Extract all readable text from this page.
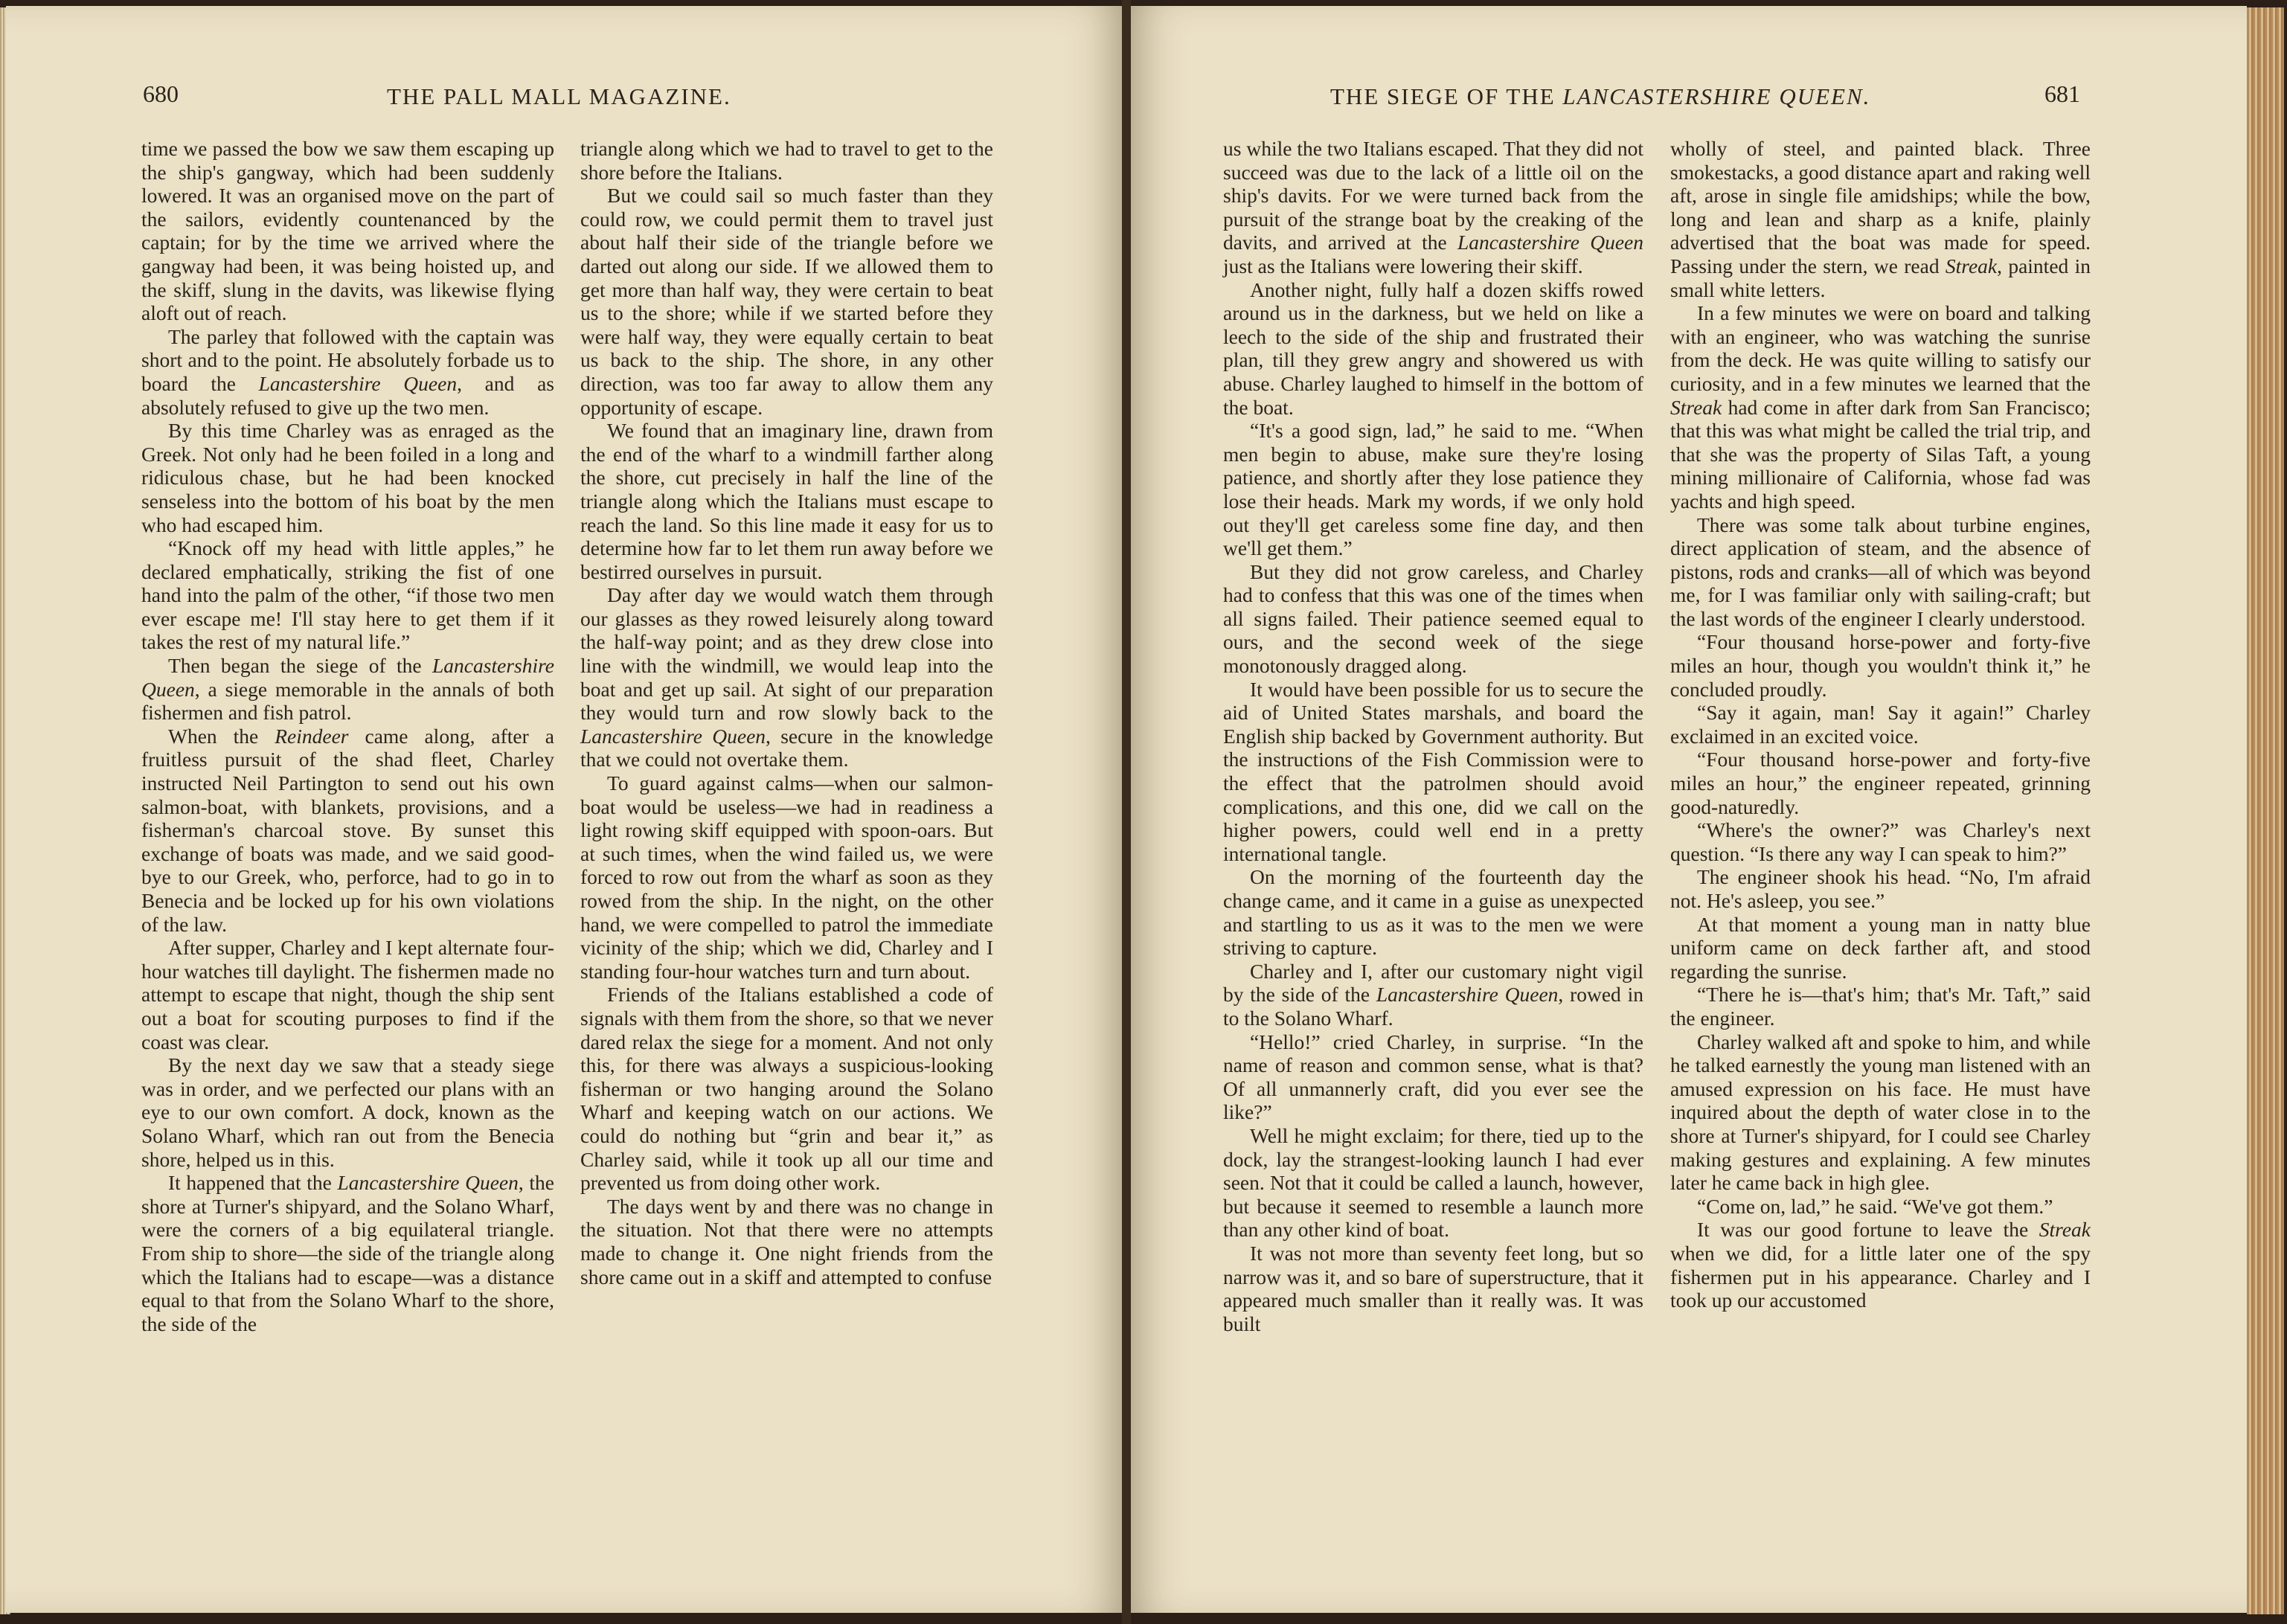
680	THE PALL MALL MAGAZINE.

time we passed the bow we saw them escaping up the ship's gangway, which had been suddenly lowered. It was an organised move on the part of the sailors, evidently countenanced by the captain; for by the time we arrived where the gangway had been, it was being hoisted up, and the skiff, slung in the davits, was likewise flying aloft out of reach.

The parley that followed with the captain was short and to the point. He absolutely forbade us to board the Lancastershire Queen, and as absolutely refused to give up the two men.

By this time Charley was as enraged as the Greek. Not only had he been foiled in a long and ridiculous chase, but he had been knocked senseless into the bottom of his boat by the men who had escaped him.

“Knock off my head with little apples,” he declared emphatically, striking the fist of one hand into the palm of the other, “if those two men ever escape me! I'll stay here to get them if it takes the rest of my natural life.”

Then began the siege of the Lancastershire Queen, a siege memorable in the annals of both fishermen and fish patrol.

When the Reindeer came along, after a fruitless pursuit of the shad fleet, Charley instructed Neil Partington to send out his own salmon-boat, with blankets, provisions, and a fisherman's charcoal stove. By sunset this exchange of boats was made, and we said good-bye to our Greek, who, perforce, had to go in to Benecia and be locked up for his own violations of the law.

After supper, Charley and I kept alternate four-hour watches till daylight. The fishermen made no attempt to escape that night, though the ship sent out a boat for scouting purposes to find if the coast was clear.

By the next day we saw that a steady siege was in order, and we perfected our plans with an eye to our own comfort. A dock, known as the Solano Wharf, which ran out from the Benecia shore, helped us in this.

It happened that the Lancastershire Queen, the shore at Turner's shipyard, and the Solano Wharf, were the corners of a big equilateral triangle. From ship to shore—the side of the triangle along which the Italians had to escape—was a distance equal to that from the Solano Wharf to the shore, the side of the

triangle along which we had to travel to get to the shore before the Italians.

But we could sail so much faster than they could row, we could permit them to travel just about half their side of the triangle before we darted out along our side. If we allowed them to get more than half way, they were certain to beat us to the shore; while if we started before they were half way, they were equally certain to beat us back to the ship. The shore, in any other direction, was too far away to allow them any opportunity of escape.

We found that an imaginary line, drawn from the end of the wharf to a windmill farther along the shore, cut precisely in half the line of the triangle along which the Italians must escape to reach the land. So this line made it easy for us to determine how far to let them run away before we bestirred ourselves in pursuit.

Day after day we would watch them through our glasses as they rowed leisurely along toward the half-way point; and as they drew close into line with the windmill, we would leap into the boat and get up sail. At sight of our preparation they would turn and row slowly back to the Lancastershire Queen, secure in the knowledge that we could not overtake them.

To guard against calms—when our salmon-boat would be useless—we had in readiness a light rowing skiff equipped with spoon-oars. But at such times, when the wind failed us, we were forced to row out from the wharf as soon as they rowed from the ship. In the night, on the other hand, we were compelled to patrol the immediate vicinity of the ship; which we did, Charley and I standing four-hour watches turn and turn about.

Friends of the Italians established a code of signals with them from the shore, so that we never dared relax the siege for a moment. And not only this, for there was always a suspicious-looking fisherman or two hanging around the Solano Wharf and keeping watch on our actions. We could do nothing but “grin and bear it,” as Charley said, while it took up all our time and prevented us from doing other work.

The days went by and there was no change in the situation. Not that there were no attempts made to change it. One night friends from the shore came out in a skiff and attempted to confuse

THE SIEGE OF THE LANCASTERSHIRE QUEEN.	681

us while the two Italians escaped. That they did not succeed was due to the lack of a little oil on the ship's davits. For we were turned back from the pursuit of the strange boat by the creaking of the davits, and arrived at the Lancastershire Queen just as the Italians were lowering their skiff.

Another night, fully half a dozen skiffs rowed around us in the darkness, but we held on like a leech to the side of the ship and frustrated their plan, till they grew angry and showered us with abuse. Charley laughed to himself in the bottom of the boat.

“It's a good sign, lad,” he said to me. “When men begin to abuse, make sure they're losing patience, and shortly after they lose patience they lose their heads. Mark my words, if we only hold out they'll get careless some fine day, and then we'll get them.”

But they did not grow careless, and Charley had to confess that this was one of the times when all signs failed. Their patience seemed equal to ours, and the second week of the siege monotonously dragged along.

It would have been possible for us to secure the aid of United States marshals, and board the English ship backed by Government authority. But the instructions of the Fish Commission were to the effect that the patrolmen should avoid complications, and this one, did we call on the higher powers, could well end in a pretty international tangle.

On the morning of the fourteenth day the change came, and it came in a guise as unexpected and startling to us as it was to the men we were striving to capture.

Charley and I, after our customary night vigil by the side of the Lancastershire Queen, rowed in to the Solano Wharf.

“Hello!” cried Charley, in surprise. “In the name of reason and common sense, what is that? Of all unmannerly craft, did you ever see the like?”

Well he might exclaim; for there, tied up to the dock, lay the strangest-looking launch I had ever seen. Not that it could be called a launch, however, but because it seemed to resemble a launch more than any other kind of boat.

It was not more than seventy feet long, but so narrow was it, and so bare of superstructure, that it appeared much smaller than it really was. It was built

wholly of steel, and painted black. Three smokestacks, a good distance apart and raking well aft, arose in single file amidships; while the bow, long and lean and sharp as a knife, plainly advertised that the boat was made for speed. Passing under the stern, we read Streak, painted in small white letters.

In a few minutes we were on board and talking with an engineer, who was watching the sunrise from the deck. He was quite willing to satisfy our curiosity, and in a few minutes we learned that the Streak had come in after dark from San Francisco; that this was what might be called the trial trip, and that she was the property of Silas Taft, a young mining millionaire of California, whose fad was yachts and high speed.

There was some talk about turbine engines, direct application of steam, and the absence of pistons, rods and cranks—all of which was beyond me, for I was familiar only with sailing-craft; but the last words of the engineer I clearly understood.

“Four thousand horse-power and forty-five miles an hour, though you wouldn't think it,” he concluded proudly.

“Say it again, man! Say it again!” Charley exclaimed in an excited voice.

“Four thousand horse-power and forty-five miles an hour,” the engineer repeated, grinning good-naturedly.

“Where's the owner?” was Charley's next question. “Is there any way I can speak to him?”

The engineer shook his head. “No, I'm afraid not. He's asleep, you see.”

At that moment a young man in natty blue uniform came on deck farther aft, and stood regarding the sunrise.

“There he is—that's him; that's Mr. Taft,” said the engineer.

Charley walked aft and spoke to him, and while he talked earnestly the young man listened with an amused expression on his face. He must have inquired about the depth of water close in to the shore at Turner's shipyard, for I could see Charley making gestures and explaining. A few minutes later he came back in high glee.

“Come on, lad,” he said. “We've got them.”

It was our good fortune to leave the Streak when we did, for a little later one of the spy fishermen put in his appearance. Charley and I took up our accustomed
